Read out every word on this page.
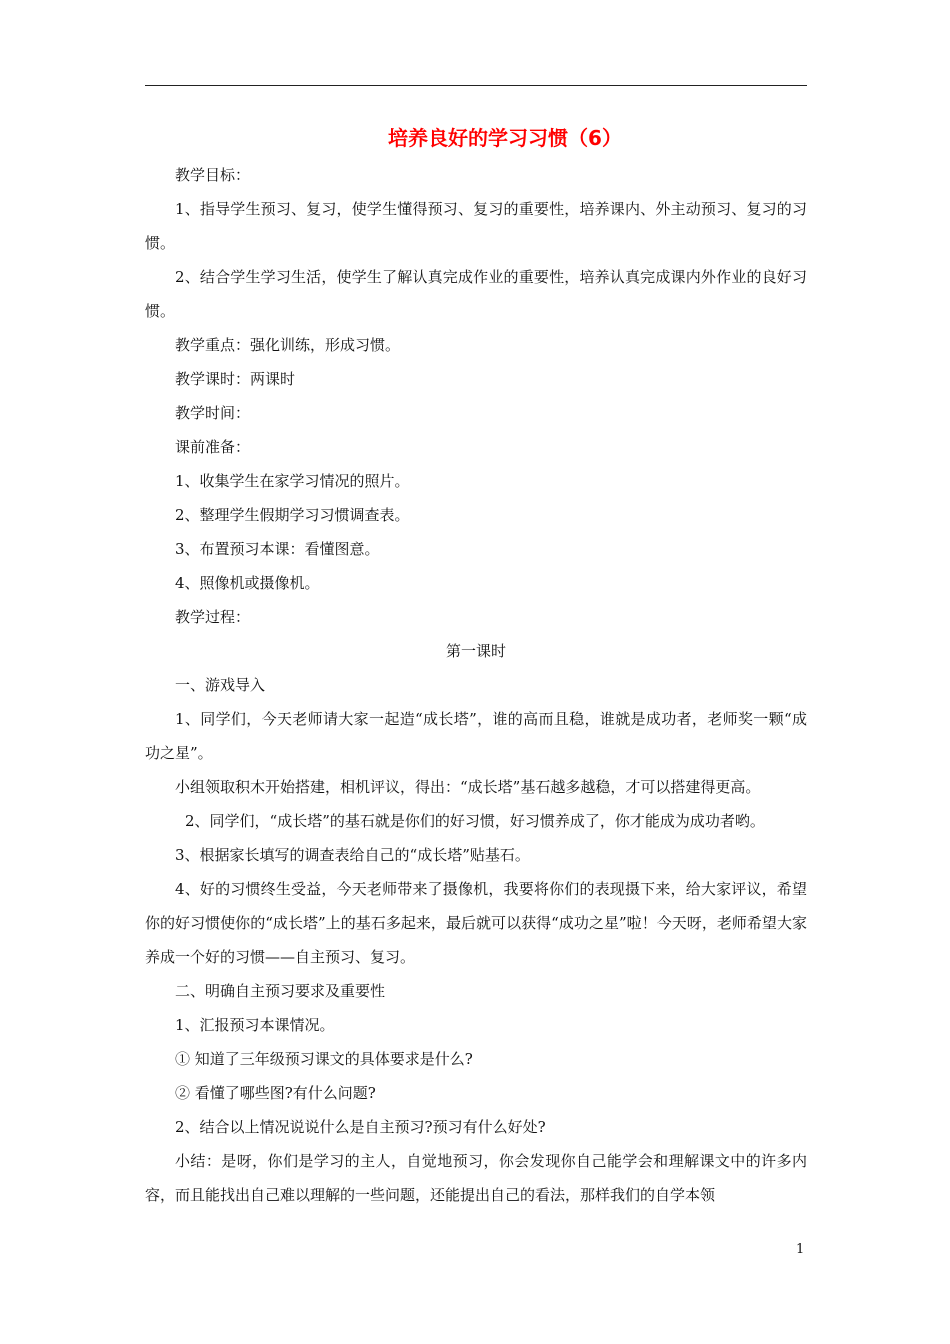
培养良好的学习习惯（6）

教学目标：

1、指导学生预习、复习，使学生懂得预习、复习的重要性，培养课内、外主动预习、复习的习惯。

2、结合学生学习生活，使学生了解认真完成作业的重要性，培养认真完成课内外作业的良好习惯。

教学重点：强化训练，形成习惯。

教学课时：两课时

教学时间：

课前准备：

1、收集学生在家学习情况的照片。

2、整理学生假期学习习惯调查表。

3、布置预习本课：看懂图意。

4、照像机或摄像机。

教学过程：

第一课时

一、游戏导入

1、同学们，今天老师请大家一起造“成长塔”，谁的高而且稳，谁就是成功者，老师奖一颗“成功之星”。

小组领取积木开始搭建，相机评议，得出：“成长塔”基石越多越稳，才可以搭建得更高。

2、同学们，“成长塔”的基石就是你们的好习惯，好习惯养成了，你才能成为成功者哟。

3、根据家长填写的调查表给自己的“成长塔”贴基石。

4、好的习惯终生受益，今天老师带来了摄像机，我要将你们的表现摄下来，给大家评议，希望你的好习惯使你的“成长塔”上的基石多起来，最后就可以获得“成功之星”啦！今天呀，老师希望大家养成一个好的习惯——自主预习、复习。

二、明确自主预习要求及重要性

1、汇报预习本课情况。

① 知道了三年级预习课文的具体要求是什么?

② 看懂了哪些图?有什么问题?

2、结合以上情况说说什么是自主预习?预习有什么好处?

小结：是呀，你们是学习的主人，自觉地预习，你会发现你自己能学会和理解课文中的许多内容，而且能找出自己难以理解的一些问题，还能提出自己的看法，那样我们的自学本领

1
